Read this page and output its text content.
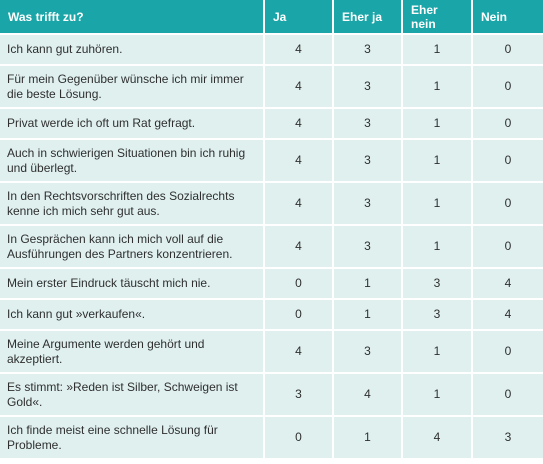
Was trifft zu?	Ja	Eher ja	Eher nein	Nein
Ich kann gut zuhören.	4	3	1	0
Für mein Gegenüber wünsche ich mir immer die beste Lösung.	4	3	1	0
Privat werde ich oft um Rat gefragt.	4	3	1	0
Auch in schwierigen Situationen bin ich ruhig und überlegt.	4	3	1	0
In den Rechtsvorschriften des Sozialrechts kenne ich mich sehr gut aus.	4	3	1	0
In Gesprächen kann ich mich voll auf die Ausführungen des Partners konzentrieren.	4	3	1	0
Mein erster Eindruck täuscht mich nie.	0	1	3	4
Ich kann gut »verkaufen«.	0	1	3	4
Meine Argumente werden gehört und akzeptiert.	4	3	1	0
Es stimmt: »Reden ist Silber, Schweigen ist Gold«.	3	4	1	0
Ich finde meist eine schnelle Lösung für Probleme.	0	1	4	3
